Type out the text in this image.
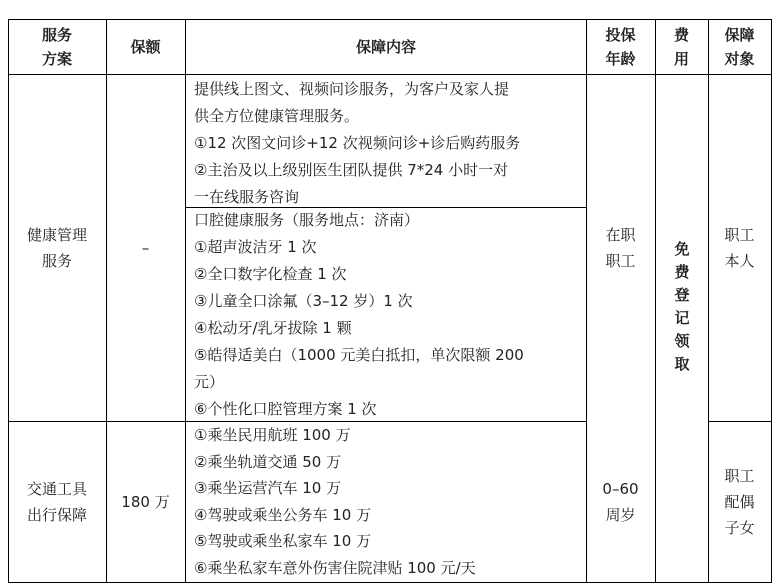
服务
方案
保额	保障内容
投保
年龄
费
用
保障
对象
健康管理
服务
–

提供线上图文、视频问诊服务，为客户及家人提

供全方位健康管理服务。

①12 次图文问诊+12 次视频问诊+诊后购药服务

②主治及以上级别医生团队提供 7*24 小时一对

一在线服务咨询

口腔健康服务（服务地点：济南）

①超声波洁牙 1 次

②全口数字化检查 1 次

③儿童全口涂氟（3–12 岁）1 次

④松动牙/乳牙拔除 1 颗

⑤皓得适美白（1000 元美白抵扣，单次限额 200

元）

⑥个性化口腔管理方案 1 次

在职
职工
职工
本人
免费登记领取
交通工具
出行保障
180 万

①乘坐民用航班 100 万

②乘坐轨道交通 50 万

③乘坐运营汽车 10 万

④驾驶或乘坐公务车 10 万

⑤驾驶或乘坐私家车 10 万

⑥乘坐私家车意外伤害住院津贴 100 元/天

0–60
周岁
职工
配偶
子女
